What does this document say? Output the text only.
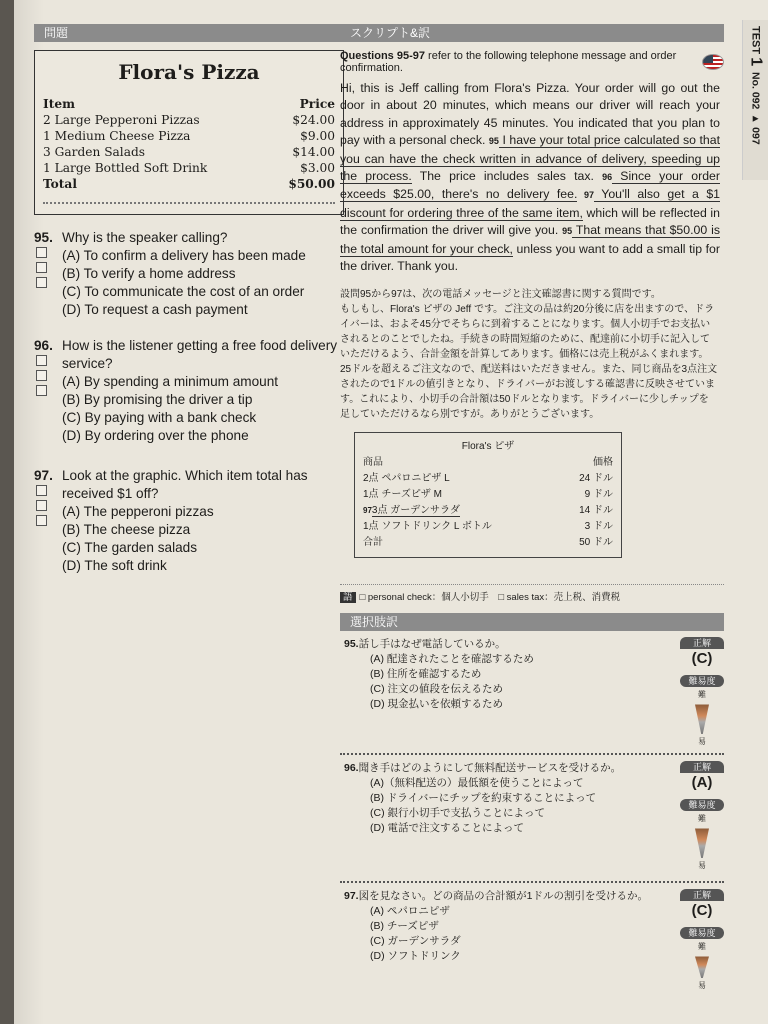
問題
Flora's Pizza
Item	Price
2 Large Pepperoni Pizzas	$24.00
1 Medium Cheese Pizza	$9.00
3 Garden Salads	$14.00
1 Large Bottled Soft Drink	$3.00
Total	$50.00
95. Why is the speaker calling?
(A) To confirm a delivery has been made
(B) To verify a home address
(C) To communicate the cost of an order
(D) To request a cash payment
96. How is the listener getting a free food delivery service?
(A) By spending a minimum amount
(B) By promising the driver a tip
(C) By paying with a bank check
(D) By ordering over the phone
97. Look at the graphic. Which item total has received $1 off?
(A) The pepperoni pizzas
(B) The cheese pizza
(C) The garden salads
(D) The soft drink
スクリプト&訳
Questions 95-97 refer to the following telephone message and order confirmation.
Hi, this is Jeff calling from Flora's Pizza. Your order will go out the door in about 20 minutes, which means our driver will reach your address in approximately 45 minutes. You indicated that you plan to pay with a personal check. 95 I have your total price calculated so that you can have the check written in advance of delivery, speeding up the process. The price includes sales tax. 96 Since your order exceeds $25.00, there's no delivery fee. 97 You'll also get a $1 discount for ordering three of the same item, which will be reflected in the confirmation the driver will give you. 95 That means that $50.00 is the total amount for your check, unless you want to add a small tip for the driver. Thank you.
設問95から97は、次の電話メッセージと注文確認書に関する質問です。
もしもし、Flora's ピザの Jeff です。ご注文の品は約20分後に店を出ますので、ドライバーは、およそ45分でそちらに到着することになります。個人小切手でお支払いされるとのことでしたね。手続きの時間短縮のために、配達前に小切手に記入していただけるよう、合計金額を計算してあります。価格には売上税がふくまれます。25ドルを超えるご注文なので、配送料はいただきません。また、同じ商品を3点注文されたので1ドルの値引きとなり、ドライバーがお渡しする確認書に反映させています。これにより、小切手の合計額は50ドルとなります。ドライバーに少しチップを足していただけるなら別ですが。ありがとうございます。
Flora's ピザ
商品	価格
2点 ペパロニピザ L	24 ドル
1点 チーズピザ M	9 ドル
973点 ガーデンサラダ	14 ドル
1点 ソフトドリンク L ボトル	3 ドル
合計	50 ドル
語 □ personal check：個人小切手　□ sales tax：売上税、消費税
選択肢訳
95.話し手はなぜ電話しているか。
(A) 配達されたことを確認するため
(B) 住所を確認するため
(C) 注文の値段を伝えるため
(D) 現金払いを依頼するため
正解
(C)
難易度
難
易
96.聞き手はどのようにして無料配送サービスを受けるか。
(A)（無料配送の）最低額を使うことによって
(B) ドライバーにチップを約束することによって
(C) 銀行小切手で支払うことによって
(D) 電話で注文することによって
正解
(A)
難易度
難
易
97.図を見なさい。どの商品の合計額が1ドルの割引を受けるか。
(A) ペパロニピザ
(B) チーズピザ
(C) ガーデンサラダ
(D) ソフトドリンク
正解
(C)
難易度
難
易
TEST 1
No. 092 ▸ 097
